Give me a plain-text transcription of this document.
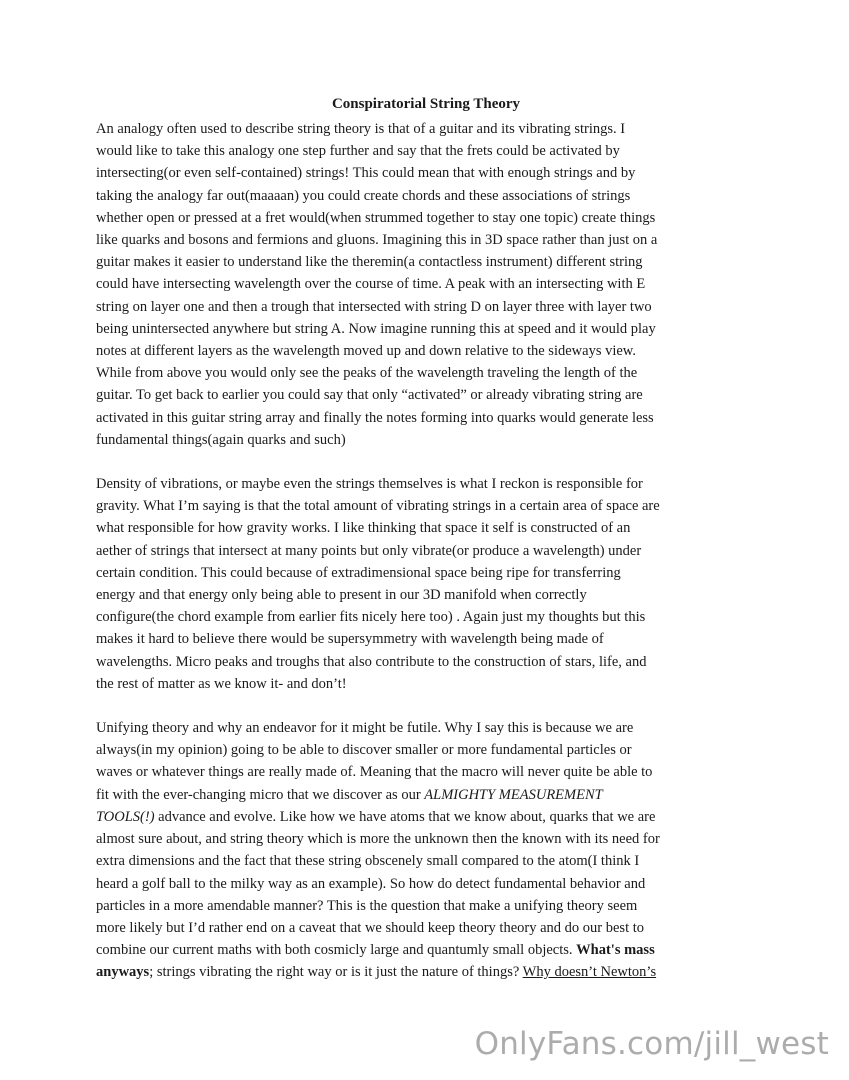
Conspiratorial String Theory

An analogy often used to describe string theory is that of a guitar and its vibrating strings. I
would like to take this analogy one step further and say that the frets could be activated by
intersecting(or even self-contained) strings! This could mean that with enough strings and by
taking the analogy far out(maaaan) you could create chords and these associations of strings
whether open or pressed at a fret would(when strummed together to stay one topic) create things
like quarks and bosons and fermions and gluons. Imagining this in 3D space rather than just on a
guitar makes it easier to understand like the theremin(a contactless instrument) different string
could have intersecting wavelength over the course of time. A peak with an intersecting with E
string on layer one and then a trough that intersected with string D on layer three with layer two
being unintersected anywhere but string A. Now imagine running this at speed and it would play
notes at different layers as the wavelength moved up and down relative to the sideways view.
While from above you would only see the peaks of the wavelength traveling the length of the
guitar. To get back to earlier you could say that only “activated” or already vibrating string are
activated in this guitar string array and finally the notes forming into quarks would generate less
fundamental things(again quarks and such)

Density of vibrations, or maybe even the strings themselves is what I reckon is responsible for
gravity. What I’m saying is that the total amount of vibrating strings in a certain area of space are
what responsible for how gravity works. I like thinking that space it self is constructed of an
aether of strings that intersect at many points but only vibrate(or produce a wavelength) under
certain condition. This could because of extradimensional space being ripe for transferring
energy and that energy only being able to present in our 3D manifold when correctly
configure(the chord example from earlier fits nicely here too) . Again just my thoughts but this
makes it hard to believe there would be supersymmetry with wavelength being made of
wavelengths. Micro peaks and troughs that also contribute to the construction of stars, life, and
the rest of matter as we know it- and don’t!

Unifying theory and why an endeavor for it might be futile. Why I say this is because we are
always(in my opinion) going to be able to discover smaller or more fundamental particles or
waves or whatever things are really made of. Meaning that the macro will never quite be able to
fit with the ever-changing micro that we discover as our ALMIGHTY MEASUREMENT
TOOLS(!) advance and evolve. Like how we have atoms that we know about, quarks that we are
almost sure about, and string theory which is more the unknown then the known with its need for
extra dimensions and the fact that these string obscenely small compared to the atom(I think I
heard a golf ball to the milky way as an example). So how do detect fundamental behavior and
particles in a more amendable manner? This is the question that make a unifying theory seem
more likely but I’d rather end on a caveat that we should keep theory theory and do our best to
combine our current maths with both cosmicly large and quantumly small objects. What's mass
anyways; strings vibrating the right way or is it just the nature of things? Why doesn’t Newton’s

OnlyFans.com/jill_west
